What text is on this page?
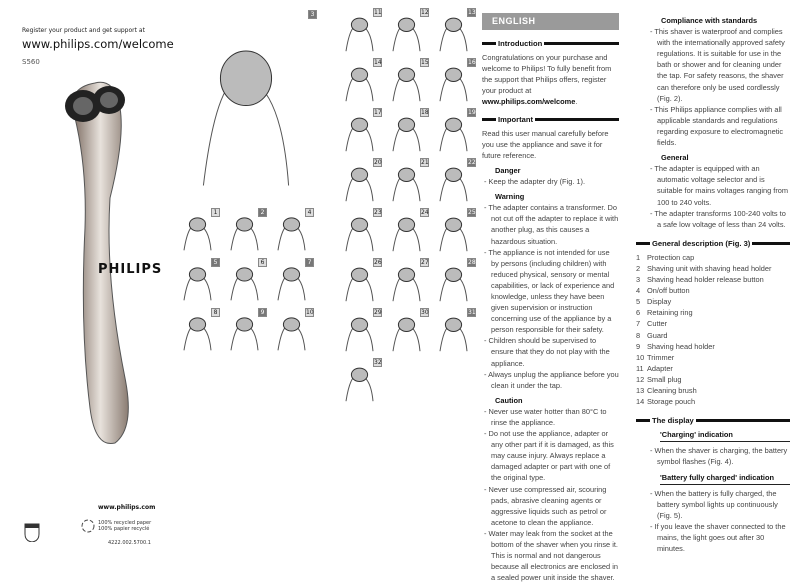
Register your product and get support at
www.philips.com/welcome
S560
PHILIPS
www.philips.com
100% recycled paper
100% papier recyclé
4222.002.5700.1
3
1	2	4
5	6	7
8	9	10
11	12	13
14	15	16
17	18	19
20	21	22
23	24	25
26	27	28
29	30	31
32
ENGLISH
Introduction

Congratulations on your purchase and welcome to Philips! To fully benefit from the support that Philips offers, register your product at www.philips.com/welcome.

Important

Read this user manual carefully before you use the appliance and save it for future reference.

Danger
- Keep the adapter dry (Fig. 1).
Warning
- The adapter contains a transformer. Do not cut off the adapter to replace it with another plug, as this causes a hazardous situation.
- The appliance is not intended for use by persons (including children) with reduced physical, sensory or mental capabilities, or lack of experience and knowledge, unless they have been given supervision or instruction concerning use of the appliance by a person responsible for their safety.
- Children should be supervised to ensure that they do not play with the appliance.
- Always unplug the appliance before you clean it under the tap.
Caution
- Never use water hotter than 80°C to rinse the appliance.
- Do not use the appliance, adapter or any other part if it is damaged, as this may cause injury. Always replace a damaged adapter or part with one of the original type.
- Never use compressed air, scouring pads, abrasive cleaning agents or aggressive liquids such as petrol or acetone to clean the appliance.
- Water may leak from the socket at the bottom of the shaver when you rinse it. This is normal and not dangerous because all electronics are enclosed in a sealed power unit inside the shaver.
Compliance with standards
- This shaver is waterproof and complies with the internationally approved safety regulations. It is suitable for use in the bath or shower and for cleaning under the tap. For safety reasons, the shaver can therefore only be used cordlessly (Fig. 2).
- This Philips appliance complies with all applicable standards and regulations regarding exposure to electromagnetic fields.
General
- The adapter is equipped with an automatic voltage selector and is suitable for mains voltages ranging from 100 to 240 volts.
- The adapter transforms 100-240 volts to a safe low voltage of less than 24 volts.
General description (Fig. 3)
1 Protection cap
2 Shaving unit with shaving head holder
3 Shaving head holder release button
4 On/off button
5 Display
6 Retaining ring
7 Cutter
8 Guard
9 Shaving head holder
10 Trimmer
11 Adapter
12 Small plug
13 Cleaning brush
14 Storage pouch
The display
'Charging' indication
- When the shaver is charging, the battery symbol flashes (Fig. 4).
'Battery fully charged' indication
- When the battery is fully charged, the battery symbol lights up continuously (Fig. 5).
- If you leave the shaver connected to the mains, the light goes out after 30 minutes.
